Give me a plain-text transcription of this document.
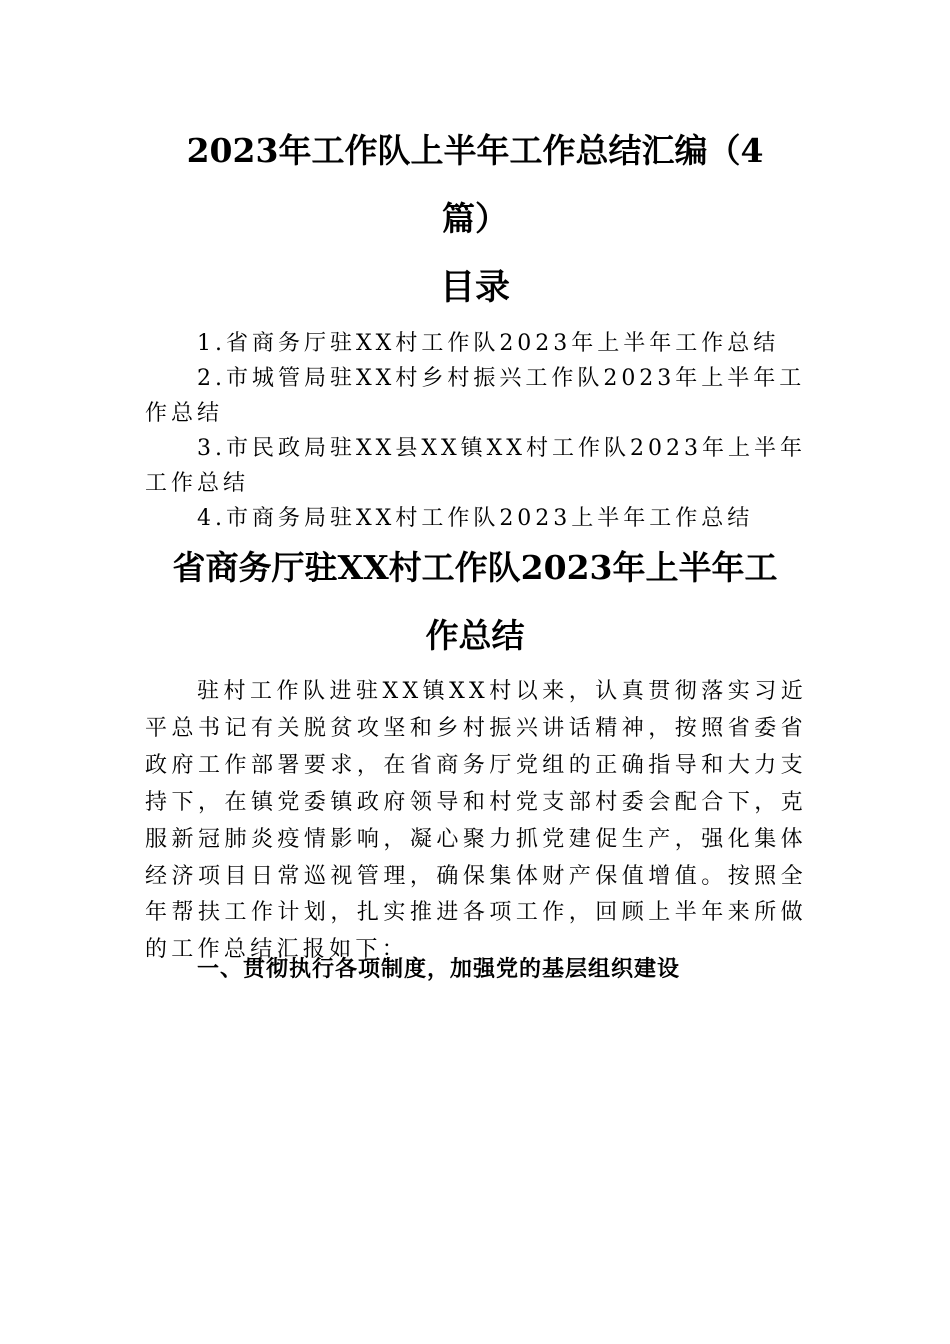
2023年工作队上半年工作总结汇编（4
篇）
目录
1.省商务厅驻XX村工作队2023年上半年工作总结
2.市城管局驻XX村乡村振兴工作队2023年上半年工作总结
3.市民政局驻XX县XX镇XX村工作队2023年上半年工作总结
4.市商务局驻XX村工作队2023上半年工作总结
省商务厅驻XX村工作队2023年上半年工
作总结

驻村工作队进驻XX镇XX村以来，认真贯彻落实习近平总书记有关脱贫攻坚和乡村振兴讲话精神，按照省委省政府工作部署要求，在省商务厅党组的正确指导和大力支持下，在镇党委镇政府领导和村党支部村委会配合下，克服新冠肺炎疫情影响，凝心聚力抓党建促生产，强化集体经济项目日常巡视管理，确保集体财产保值增值。按照全年帮扶工作计划，扎实推进各项工作，回顾上半年来所做的工作总结汇报如下：

一、贯彻执行各项制度，加强党的基层组织建设
